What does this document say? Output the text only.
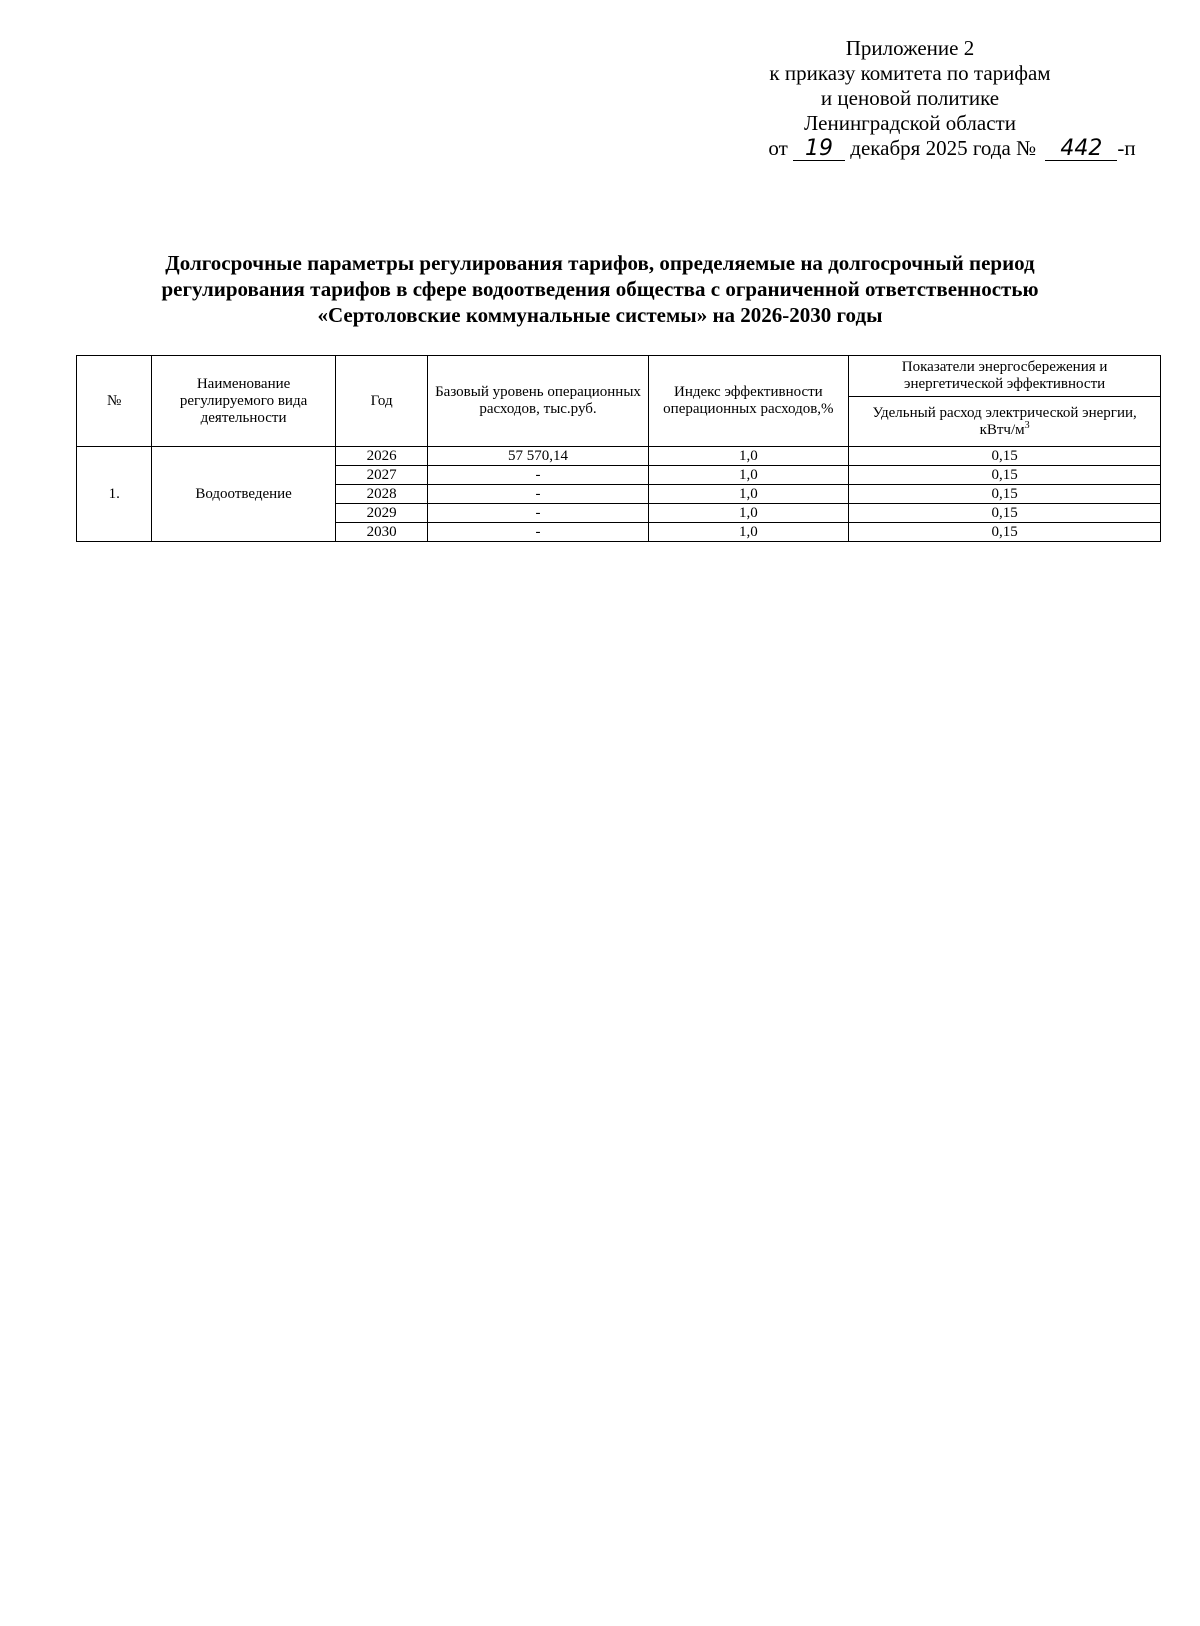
Приложение 2
к приказу комитета по тарифам
и ценовой политике
Ленинградской области
от 19 декабря 2025 года № 442 -п
Долгосрочные параметры регулирования тарифов, определяемые на долгосрочный период
регулирования тарифов в сфере водоотведения общества с ограниченной ответственностью
«Сертоловские коммунальные системы» на 2026-2030 годы
№	Наименование регулируемого вида деятельности	Год	Базовый уровень операционных расходов, тыс.руб.	Индекс эффективности операционных расходов,%	Показатели энергосбережения и энергетической эффективности
					Удельный расход электрической энергии, кВтч/$м^3$
1.	Водоотведение	2026	57 570,14	1,0	0,15
		2027	-	1,0	0,15
		2028	-	1,0	0,15
		2029	-	1,0	0,15
		2030	-	1,0	0,15
